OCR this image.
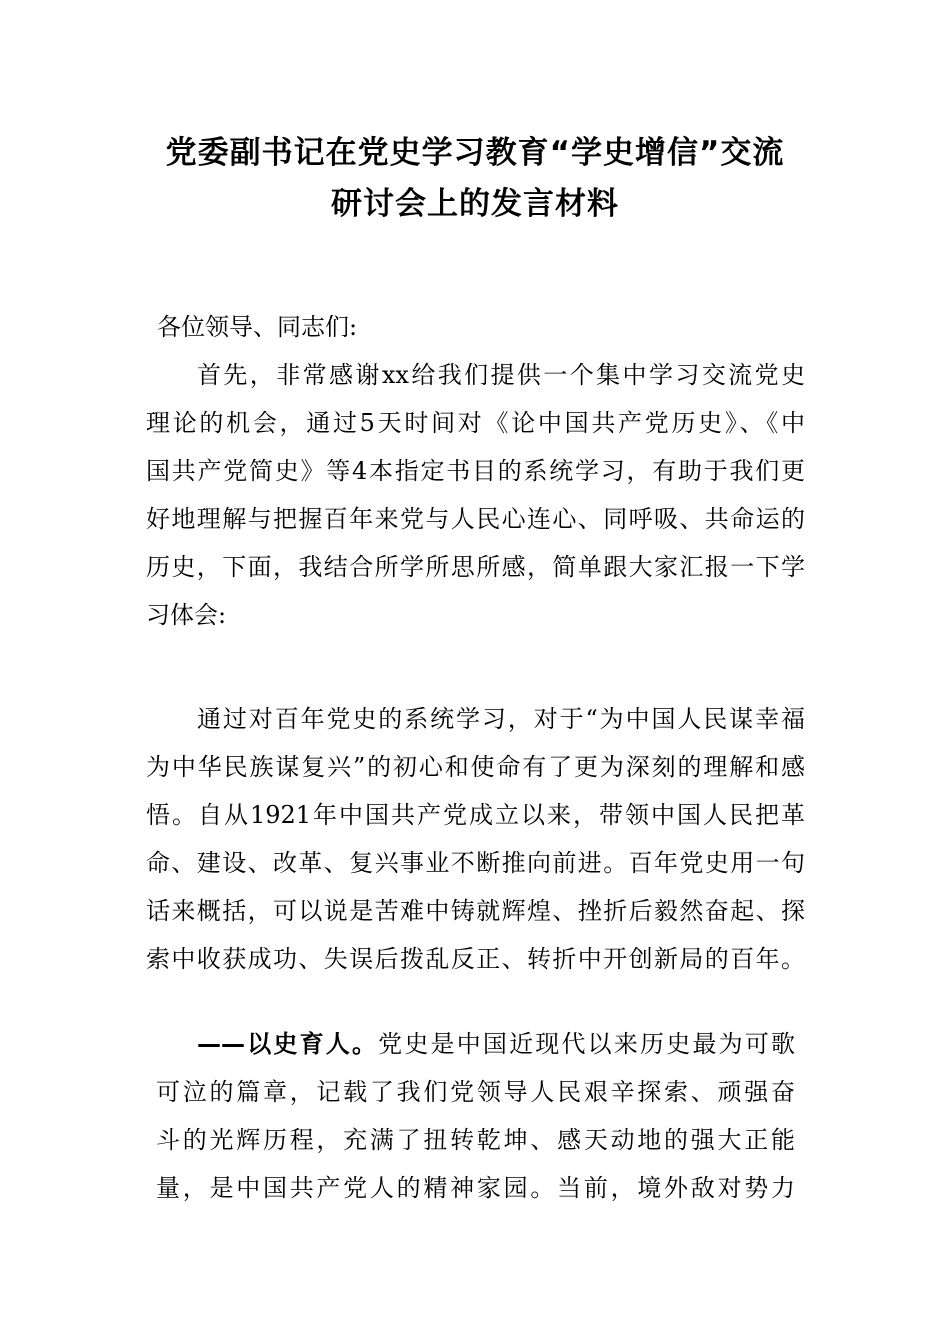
党委副书记在党史学习教育“学史增信”交流
研讨会上的发言材料
各位领导、同志们:
首先，非常感谢xx给我们提供一个集中学习交流党史
理论的机会，通过5天时间对《论中国共产党历史》、《中
国共产党简史》等4本指定书目的系统学习，有助于我们更
好地理解与把握百年来党与人民心连心、同呼吸、共命运的
历史，下面，我结合所学所思所感，简单跟大家汇报一下学
习体会:
通过对百年党史的系统学习，对于“为中国人民谋幸福
为中华民族谋复兴”的初心和使命有了更为深刻的理解和感
悟。自从1921年中国共产党成立以来，带领中国人民把革
命、建设、改革、复兴事业不断推向前进。百年党史用一句
话来概括，可以说是苦难中铸就辉煌、挫折后毅然奋起、探
索中收获成功、失误后拨乱反正、转折中开创新局的百年。
——以史育人。党史是中国近现代以来历史最为可歌
可泣的篇章，记载了我们党领导人民艰辛探索、顽强奋
斗的光辉历程，充满了扭转乾坤、感天动地的强大正能
量，是中国共产党人的精神家园。当前，境外敌对势力
